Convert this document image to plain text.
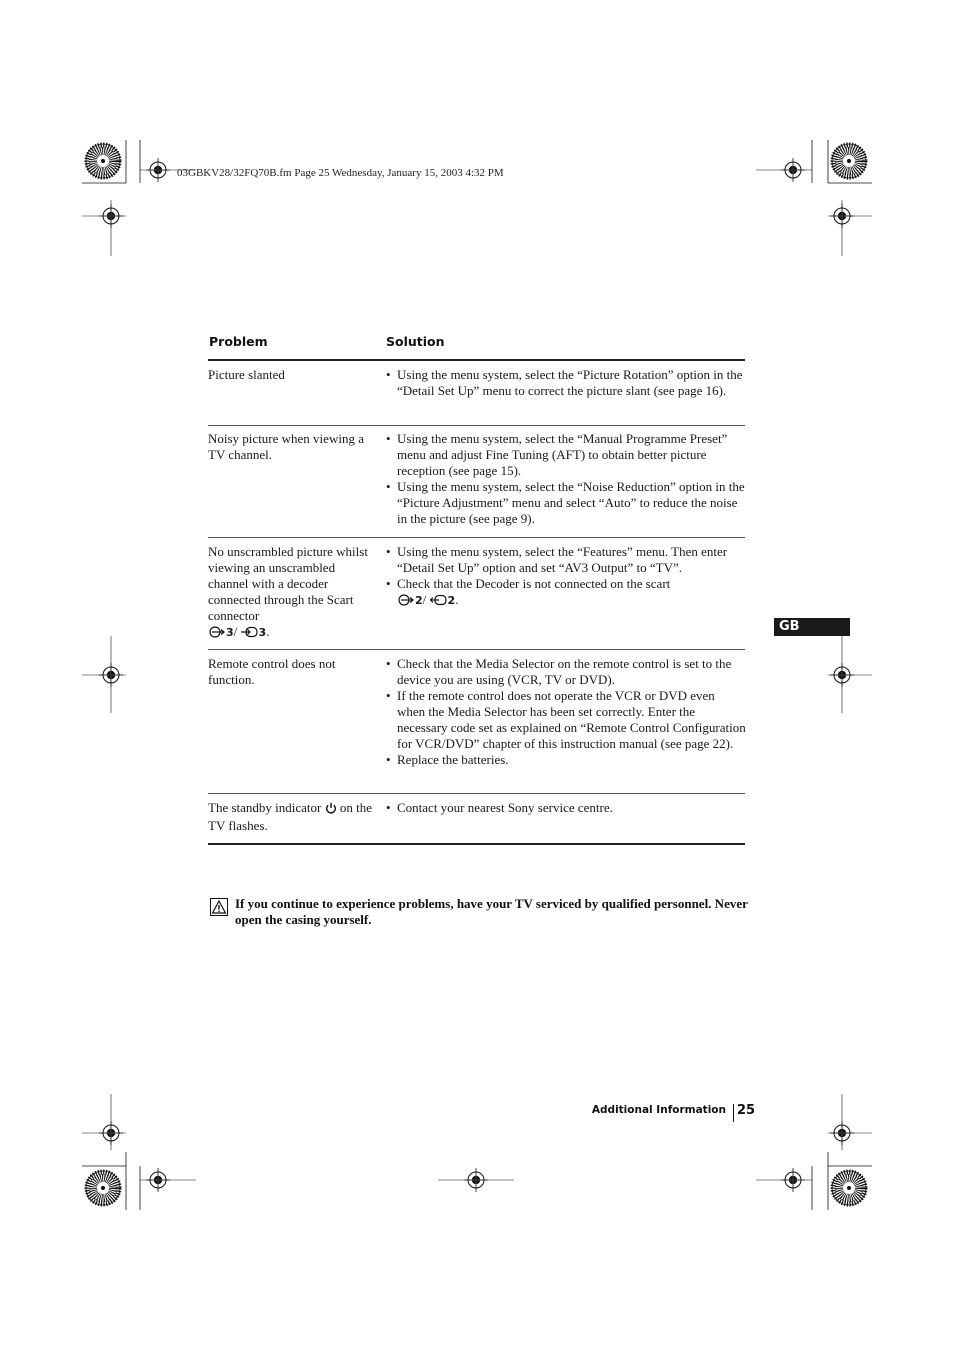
03GBKV28/32FQ70B.fm Page 25 Wednesday, January 15, 2003 4:32 PM
Problem	Solution
Picture slanted	• Using the menu system, select the “Picture Rotation” option in the “Detail Set Up” menu to correct the picture slant (see page 16).

Noisy picture when viewing a TV channel.

• Using the menu system, select the “Manual Programme Preset” menu and adjust Fine Tuning (AFT) to obtain better picture reception (see page 15).

• Using the menu system, select the “Noise Reduction” option in the “Picture Adjustment” menu and select “Auto” to reduce the noise in the picture (see page 9).

No unscrambled picture whilst viewing an unscrambled channel with a decoder connected through the Scart connector
3/ 3.

• Using the menu system, select the “Features” menu. Then enter “Detail Set Up” option and set “AV3 Output” to “TV”.

• Check that the Decoder is not connected on the scart
2/ 2.

Remote control does not function.

• Check that the Media Selector on the remote control is set to the device you are using (VCR, TV or DVD).

• If the remote control does not operate the VCR or DVD even when the Media Selector has been set correctly. Enter the necessary code set as explained on “Remote Control Configuration for VCR/DVD” chapter of this instruction manual (see page 22).

• Replace the batteries.

The standby indicator on the TV flashes.

• Contact your nearest Sony service centre.

GB
If you continue to experience problems, have your TV serviced by qualified personnel. Never open the casing yourself.
Additional Information 25
